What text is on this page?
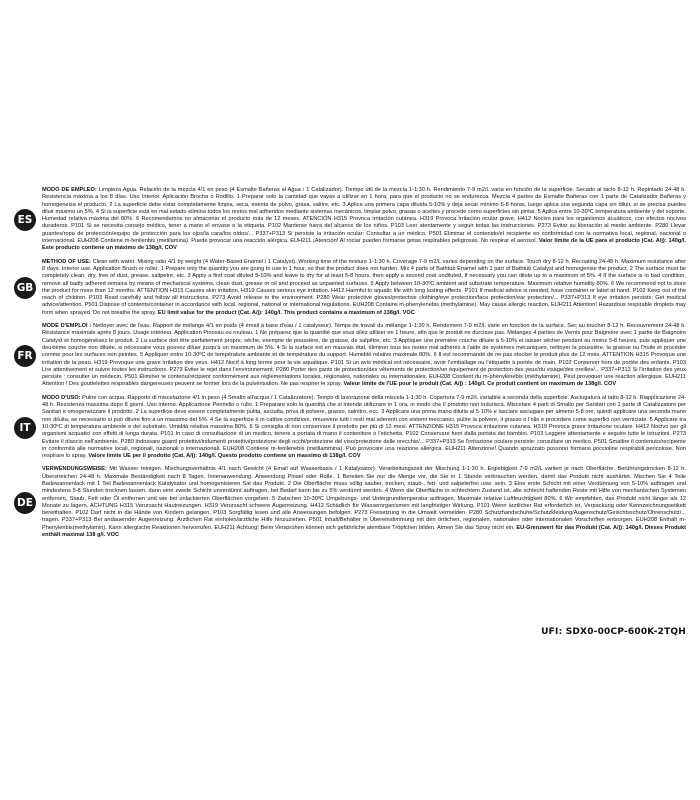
ES

MODO DE EMPLEO: Limpieza Agua. Relación de la mezcla 4/1 en peso (4 Esmalte Bañeras al Agua / 1 Catalizador). Tiempo útil de la mezcla 1-1:30 h. Rendimiento 7-9 m2/L varía en función de la superficie. Secado al tacto 8-12 h. Repintado 24-48 h. Resistencia máxima a los 8 días. Uso Interior. Aplicación Brocha o Rodillo. 1 Preparar solo la cantidad que vayas a utilizar en 1 hora, para que el producto no se endurezca. Mezcla 4 partes de Esmalte Bañeras con 1 parte de Catalizador Bañeras y homogeneiza el producto. 2 La superficie debe estar completamente limpia, seca, exenta de polvo, grasa, salitre, etc. 3 Aplica una primera capa diluida 5-10% y deja secar mínimo 5-8 horas, luego aplica una segunda capa sin diluir, si se precisa puedes diluir máximo un 5%. 4 Si la superficie está en mal estado elimina todos los restos mal adheridos mediante sistemas mecánicos, limpiar polvo, grasas o aceites y procede como superficies sin pintar. 5 Aplica entre 10-30ºC temperatura ambiente y del soporte. Humedad relativa máxima del 80%. 6 Recomendamos no almacenar el producto más de 12 meses. ATENCIÓN H315 Provoca irritación cutánea. H319 Provoca irritación ocular grave. H412 Nocivo para los organismos acuáticos, con efectos nocivos duraderos. P101 Si se necesita consejo médico, tener a mano el envase o la etiqueta. P102 Mantener fuera del alcance de los niños. P103 Leer atentamente y seguir todas las instrucciones. P273 Evitar su liberación al medio ambiente. P280 Llevar guantes/ropa de protección/equipo de protección para los ojos/la cara/los oídos/... P337+P313 Si persiste la irritación ocular: Consultar a un médico. P501 Eliminar el contenido/el recipiente en conformidad con la normativa local, regional, nacional o internacional. EUH208 Contiene m-fenilenbis (metilamina). Puede provocar una reacción alérgica. EUH211 ¡Atención! Al rociar pueden formarse gotas respirables peligrosas. No respirar el aerosol. Valor límite de la UE para el producto (Cat. A/j): 140g/l. Este producto contiene un máximo de 138g/l. COV

GB

METHOD OF USE: Clean with water. Mixing ratio 4/1 by weight (4 Water-Based Enamel / 1 Catalyst). Working time of the mixture 1-1:30 h. Coverage 7-9 m2/L varies depending on the surface. Touch dry 8-12 h. Recoating 24-48 h. Maximum resistance after 8 days. Interior use. Application Brush or roller. 1 Prepare only the quantity you are going to use in 1 hour, so that the product does not harden. Mix 4 parts of Bathtub Enamel with 1 part of Bathtub Catalyst and homogenise the product. 2 The surface must be completely clean, dry, free of dust, grease, saltpetre, etc. 3 Apply a first coat diluted 5-10% and leave to dry for at least 5-8 hours, then apply a second coat undiluted, if necessary you can dilute up to a maximum of 5%. 4 If the surface is in bad condition, remove all badly adhered remains by means of mechanical systems, clean dust, grease or oil and proceed as unpainted surfaces. 5 Apply between 10-30ºC ambient and substrate temperature. Maximum relative humidity 80%. 6 We recommend not to store the product for more than 12 months. ATTENTION H315 Causes skin irritation. H319 Causes serious eye irritation. H412 Harmful to aquatic life with long lasting effects. P101 If medical advice is needed, have container or label at hand. P102 Keep out of the reach of children. P103 Read carefully and follow all instructions. P273 Avoid release to the environment. P280 Wear protective gloves/protective clothing/eye protection/face protection/ear protection/... P337+P313 If eye irritation persists: Get medical advice/attention. P501 Dispose of contents/container in accordance with local, regional, national or international regulations. EUH208 Contains m-phenylenebis (methylamine). May cause allergic reaction. EUH211 Attention! Hazardous respirable droplets may form when sprayed. Do not breathe the spray. EU limit value for the product (Cat. A/j): 140g/l. This product contains a maximum of 138g/l. VOC

FR

MODE D'EMPLOI : Nettoyer avec de l'eau. Rapport de mélange 4/1 en poids (4 émail à base d'eau / 1 catalyseur). Temps de travail du mélange 1-1:30 h. Rendement 7-9 m2/L varie en fonction de la surface. Sec au toucher 8-12 h. Recouvrement 24-48 h. Résistance maximale après 8 jours. Usage intérieur. Application Pinceau ou rouleau. 1 Ne préparez que la quantité que vous allez utiliser en 1 heure, afin que le produit ne durcisse pas. Mélangez 4 parties de Vernis pour Baignoire avec 1 partie de Baignoire Catalyst et homogénéisez le produit. 2 La surface doit être parfaitement propre, sèche, exempte de poussière, de graisse, de salpêtre, etc. 3 Appliquer une première couche diluée à 5-10% et laisser sécher pendant au moins 5-8 heures, puis appliquer une deuxième couche non diluée, si nécessaire vous pouvez diluer jusqu'à un maximum de 5%. 4 Si la surface est en mauvais état, éliminer tous les restes mal adhérés à l'aide de systèmes mécaniques, nettoyer la poussière, la graisse ou l'huile et procéder comme pour les surfaces non peintes. 5 Appliquer entre 10-30ºC de température ambiante et de température du support. Humidité relative maximale 80%. 6 Il est recommandé de ne pas stocker le produit plus de 12 mois. ATTENTION H315 Provoque une irritation de la peau. H319 Provoque une grave irritation des yeux. H412 Nocif à long terme pour la vie aquatique. P101 Si un avis médical est nécessaire, avoir l'emballage ou l'étiquette à portée de main. P102 Conserver hors de portée des enfants. P103 Lire attentivement et suivre toutes les instructions. P273 Éviter le rejet dans l'environnement. P280 Porter des gants de protection/des vêtements de protection/un équipement de protection des yeux/du visage/des oreilles/... P337+P313 Si l'irritation des yeux persiste : consulter un médecin. P501 Éliminer le contenu/récipient conformément aux réglementations locales, régionales, nationales ou internationales. EUH208 Contient du m-phénylènebis (méthylamine). Peut provoquer une réaction allergique. EUH211 Attention ! Des gouttelettes respirables dangereuses peuvent se former lors de la pulvérisation. Ne pas respirer le spray. Valeur limite de l'UE pour le produit (Cat. A/j) : 140g/l. Ce produit contient un maximum de 138g/l. COV

IT

MODO D'USO: Pulire con acqua. Rapporto di miscelazione 4/1 in peso (4 Smalto all'acqua / 1 Catalizzatore). Tempo di lavorazione della miscela 1-1:30 h. Copertura 7-9 m2/L variabile a seconda della superficie. Asciugatura al tatto 8-12 h. Riapplicazione 24-48 h. Resistenza massima dopo 8 giorni. Uso interno. Applicazione Pennello o rullo. 1 Preparare solo la quantità che si intende utilizzare in 1 ora, in modo che il prodotto non indurisca. Miscelare 4 parti di Smalto per Sanitari con 1 parte di Catalizzatore per Sanitari e omogeneizzare il prodotto. 2 La superficie deve essere completamente pulita, asciutta, priva di polvere, grasso, salnitro, ecc. 3 Applicare una prima mano diluita al 5-10% e lasciare asciugare per almeno 5-8 ore, quindi applicare una seconda mano non diluita, se necessario si può diluire fino a un massimo del 5%. 4 Se la superficie è in cattive condizioni, rimuovere tutti i resti mal aderenti con sistemi meccanici, pulire la polvere, il grasso o l'olio e procedere come superfici non verniciate. 5 Applicare tra 10-30ºC di temperatura ambiente e del substrato. Umidità relativa massima 80%. 6 Si consiglia di non conservare il prodotto per più di 12 mesi. ATTENZIONE H315 Provoca irritazione cutanea. H319 Provoca grave irritazione oculare. H412 Nocivo per gli organismi acquatici con effetti di lunga durata. P101 In caso di consultazione di un medico, tenere a portata di mano il contenitore o l'etichetta. P102 Conservare fuori dalla portata dei bambini. P103 Leggere attentamente e seguire tutte le istruzioni. P273 Evitare il rilascio nell'ambiente. P280 Indossare guanti protettivi/indumenti protettivi/protezione degli occhi/protezione del viso/protezione delle orecchie/... P337+P313 Se l'irritazione oculare persiste: consultare un medico. P501 Smaltire il contenuto/recipiente in conformità alle normative locali, regionali, nazionali o internazionali. EUH208 Contiene m-fenilenebis (metilammina). Può provocare una reazione allergica. EUH211 Attenzione! Quando spruzzato possono formarsi goccioline respirabili pericolose. Non respirare lo spray. Valore limite UE per il prodotto (Cat. A/j): 140g/l. Questo prodotto contiene un massimo di 138g/l. COV

DE

VERWENDUNGSWEISE: Mit Wasser reinigen. Mischungsverhältnis 4/1 nach Gewicht (4 Email auf Wasserbasis / 1 Katalysator). Verarbeitungszeit der Mischung 1-1:30 h. Ergiebigkeit 7-9 m2/L variiert je nach Oberfläche. Berührungstrocken 8-12 h. Überstreichen 24-48 h. Maximale Beständigkeit nach 8 Tagen. Innenanwendung. Anwendung Pinsel oder Rolle. 1 Bereiten Sie nur die Menge vor, die Sie in 1 Stunde verbrauchen werden, damit das Produkt nicht aushärtet. Mischen Sie 4 Teile Badewannenlack mit 1 Teil Badewannenlack Katalysator und homogenisieren Sie das Produkt. 2 Die Oberfläche muss völlig sauber, trocken, staub-, fett- und salpeterfrei usw. sein. 3 Eine erste Schicht mit einer Verdünnung von 5-10% auftragen und mindestens 5-8 Stunden trocknen lassen, dann eine zweite Schicht unverdünnt auftragen, bei Bedarf kann bis zu 5% verdünnt werden. 4 Wenn die Oberfläche in schlechtem Zustand ist, alle schlecht haftenden Reste mit Hilfe von mechanischen Systemen entfernen, Staub, Fett oder Öl entfernen und wie bei unlackierten Oberflächen vorgehen. 5 Zwischen 10-30ºC Umgebungs- und Untergrundtemperatur auftragen. Maximale relative Luftfeuchtigkeit 80%. 6 Wir empfehlen, das Produkt nicht länger als 12 Monate zu lagern. ACHTUNG H315 Verursacht Hautreizungen. H319 Verursacht schwere Augenreizung. H412 Schädlich für Wasserorganismen mit langfristiger Wirkung. P101 Wenn ärztlicher Rat erforderlich ist, Verpackung oder Kennzeichnungsetikett bereithalten. P102 Darf nicht in die Hände von Kindern gelangen. P103 Sorgfältig lesen und alle Anweisungen befolgen. P273 Freisetzung in die Umwelt vermeiden. P280 Schutzhandschuhe/Schutzkleidung/Augenschutz/Gesichtsschutz/Ohrenschutz/... tragen. P337+P313 Bei andauernder Augenreizung: Ärztlichen Rat einholen/ärztliche Hilfe hinzuziehen. P501 Inhalt/Behälter in Übereinstimmung mit den örtlichen, regionalen, nationalen oder internationalen Vorschriften entsorgen. EUH208 Enthält m-Phenylenbis(methylamin). Kann allergische Reaktionen hervorrufen. EUH211 Achtung! Beim Versprühen können sich gefährliche atembare Tröpfchen bilden. Atmen Sie das Spray nicht ein. EU-Grenzwert für das Produkt (Cat. A/j): 140g/l. Dieses Produkt enthält maximal 138 g/l. VOC

UFI: SDX0-00CP-600K-2TQH
